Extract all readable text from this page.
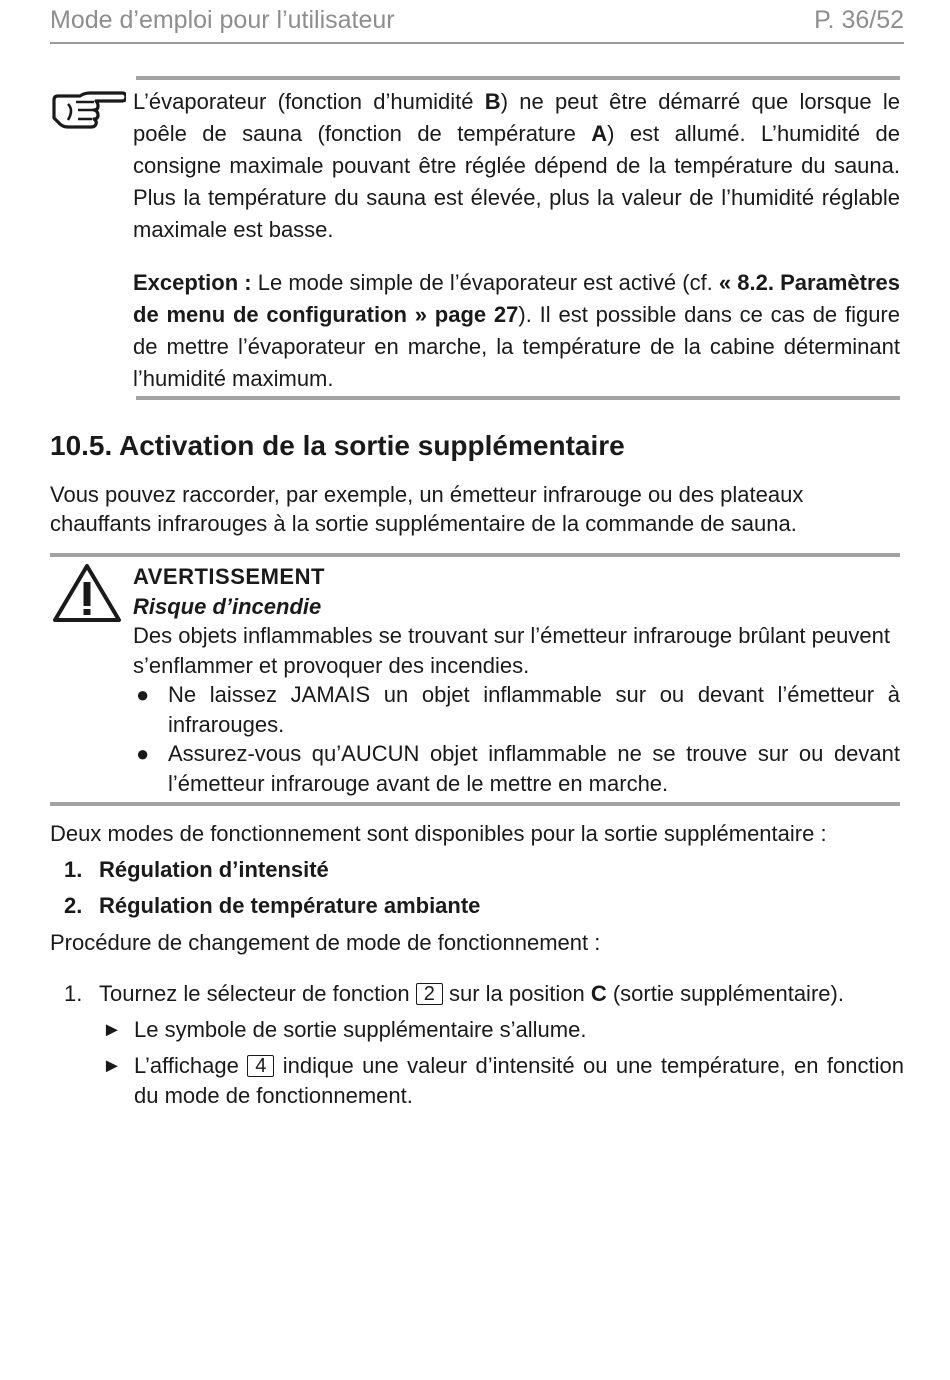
Mode d’emploi pour l’utilisateur	P. 36/52

L’évaporateur (fonction d’humidité B) ne peut être démarré que lorsque le poêle de sauna (fonction de température A) est allumé. L’humidité de consigne maximale pouvant être réglée dépend de la température du sauna. Plus la température du sauna est élevée, plus la valeur de l’humidité réglable maximale est basse.

Exception : Le mode simple de l’évaporateur est activé (cf. « 8.2. Paramètres de menu de configuration » page 27). Il est possible dans ce cas de figure de mettre l’évaporateur en marche, la température de la cabine déterminant l’humidité maximum.

10.5. Activation de la sortie supplémentaire

Vous pouvez raccorder, par exemple, un émetteur infrarouge ou des plateaux chauffants infrarouges à la sortie supplémentaire de la commande de sauna.

AVERTISSEMENT
Risque d’incendie

Des objets inflammables se trouvant sur l’émetteur infrarouge brûlant peuvent s’enflammer et provoquer des incendies.

● Ne laissez JAMAIS un objet inflammable sur ou devant l’émetteur à infrarouges.
● Assurez-vous qu’AUCUN objet inflammable ne se trouve sur ou devant l’émetteur infrarouge avant de le mettre en marche.

Deux modes de fonctionnement sont disponibles pour la sortie supplémentaire :

1. Régulation d’intensité
2. Régulation de température ambiante

Procédure de changement de mode de fonctionnement :

1. Tournez le sélecteur de fonction 2 sur la position C (sortie supplémentaire).
► Le symbole de sortie supplémentaire s’allume.
► L’affichage 4 indique une valeur d’intensité ou une température, en fonction du mode de fonctionnement.
